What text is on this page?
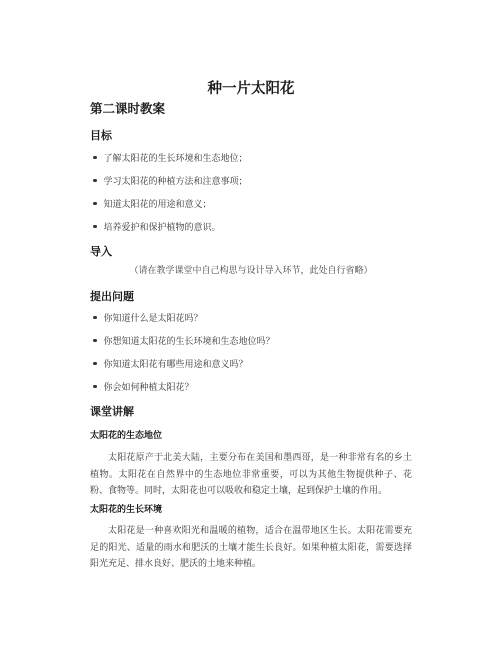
种一片太阳花
第二课时教案
目标
了解太阳花的生长环境和生态地位；
学习太阳花的种植方法和注意事项；
知道太阳花的用途和意义；
培养爱护和保护植物的意识。
导入
（请在教学课堂中自己构思与设计导入环节，此处自行省略）
提出问题
你知道什么是太阳花吗？
你想知道太阳花的生长环境和生态地位吗？
你知道太阳花有哪些用途和意义吗？
你会如何种植太阳花？
课堂讲解
太阳花的生态地位
太阳花原产于北美大陆，主要分布在美国和墨西哥，是一种非常有名的乡土植物。太阳花在自然界中的生态地位非常重要，可以为其他生物提供种子、花粉、食物等。同时，太阳花也可以吸收和稳定土壤，起到保护土壤的作用。
太阳花的生长环境
太阳花是一种喜欢阳光和温暖的植物，适合在温带地区生长。太阳花需要充足的阳光、适量的雨水和肥沃的土壤才能生长良好。如果种植太阳花，需要选择阳光充足、排水良好、肥沃的土地来种植。
